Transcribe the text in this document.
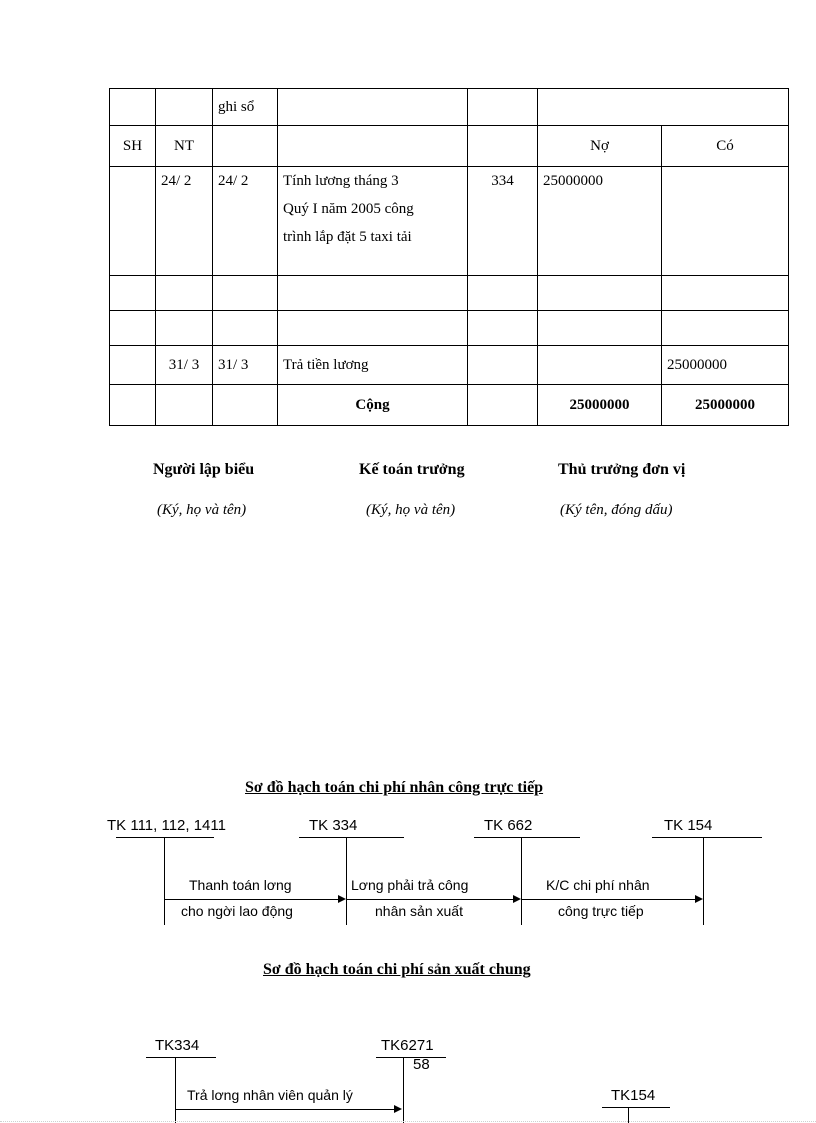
		ghi sổ				
SH	NT				Nợ	Có
	24/ 2	24/ 2	Tính lương tháng 3
Quý I năm 2005 công
trình lắp đặt 5 taxi tải	334	25000000	

	31/ 3	31/ 3	Trả tiền lương			25000000
			Cộng		25000000	25000000
Người lập biểu
(Ký, họ và tên)
Kế toán trưởng
(Ký, họ và tên)
Thủ trưởng đơn vị
(Ký tên, đóng dấu)
Sơ đồ hạch toán chi phí nhân công trực tiếp
TK 111, 112, 1411	TK 334	TK 662	TK 154
Thanh toán lơng
cho ngời lao động
Lơng phải trả công
nhân sản xuất
K/C chi phí nhân
công trực tiếp
Sơ đồ hạch toán chi phí sản xuất chung
TK334	TK6271
58
Trả lơng nhân viên quản lý	TK154
